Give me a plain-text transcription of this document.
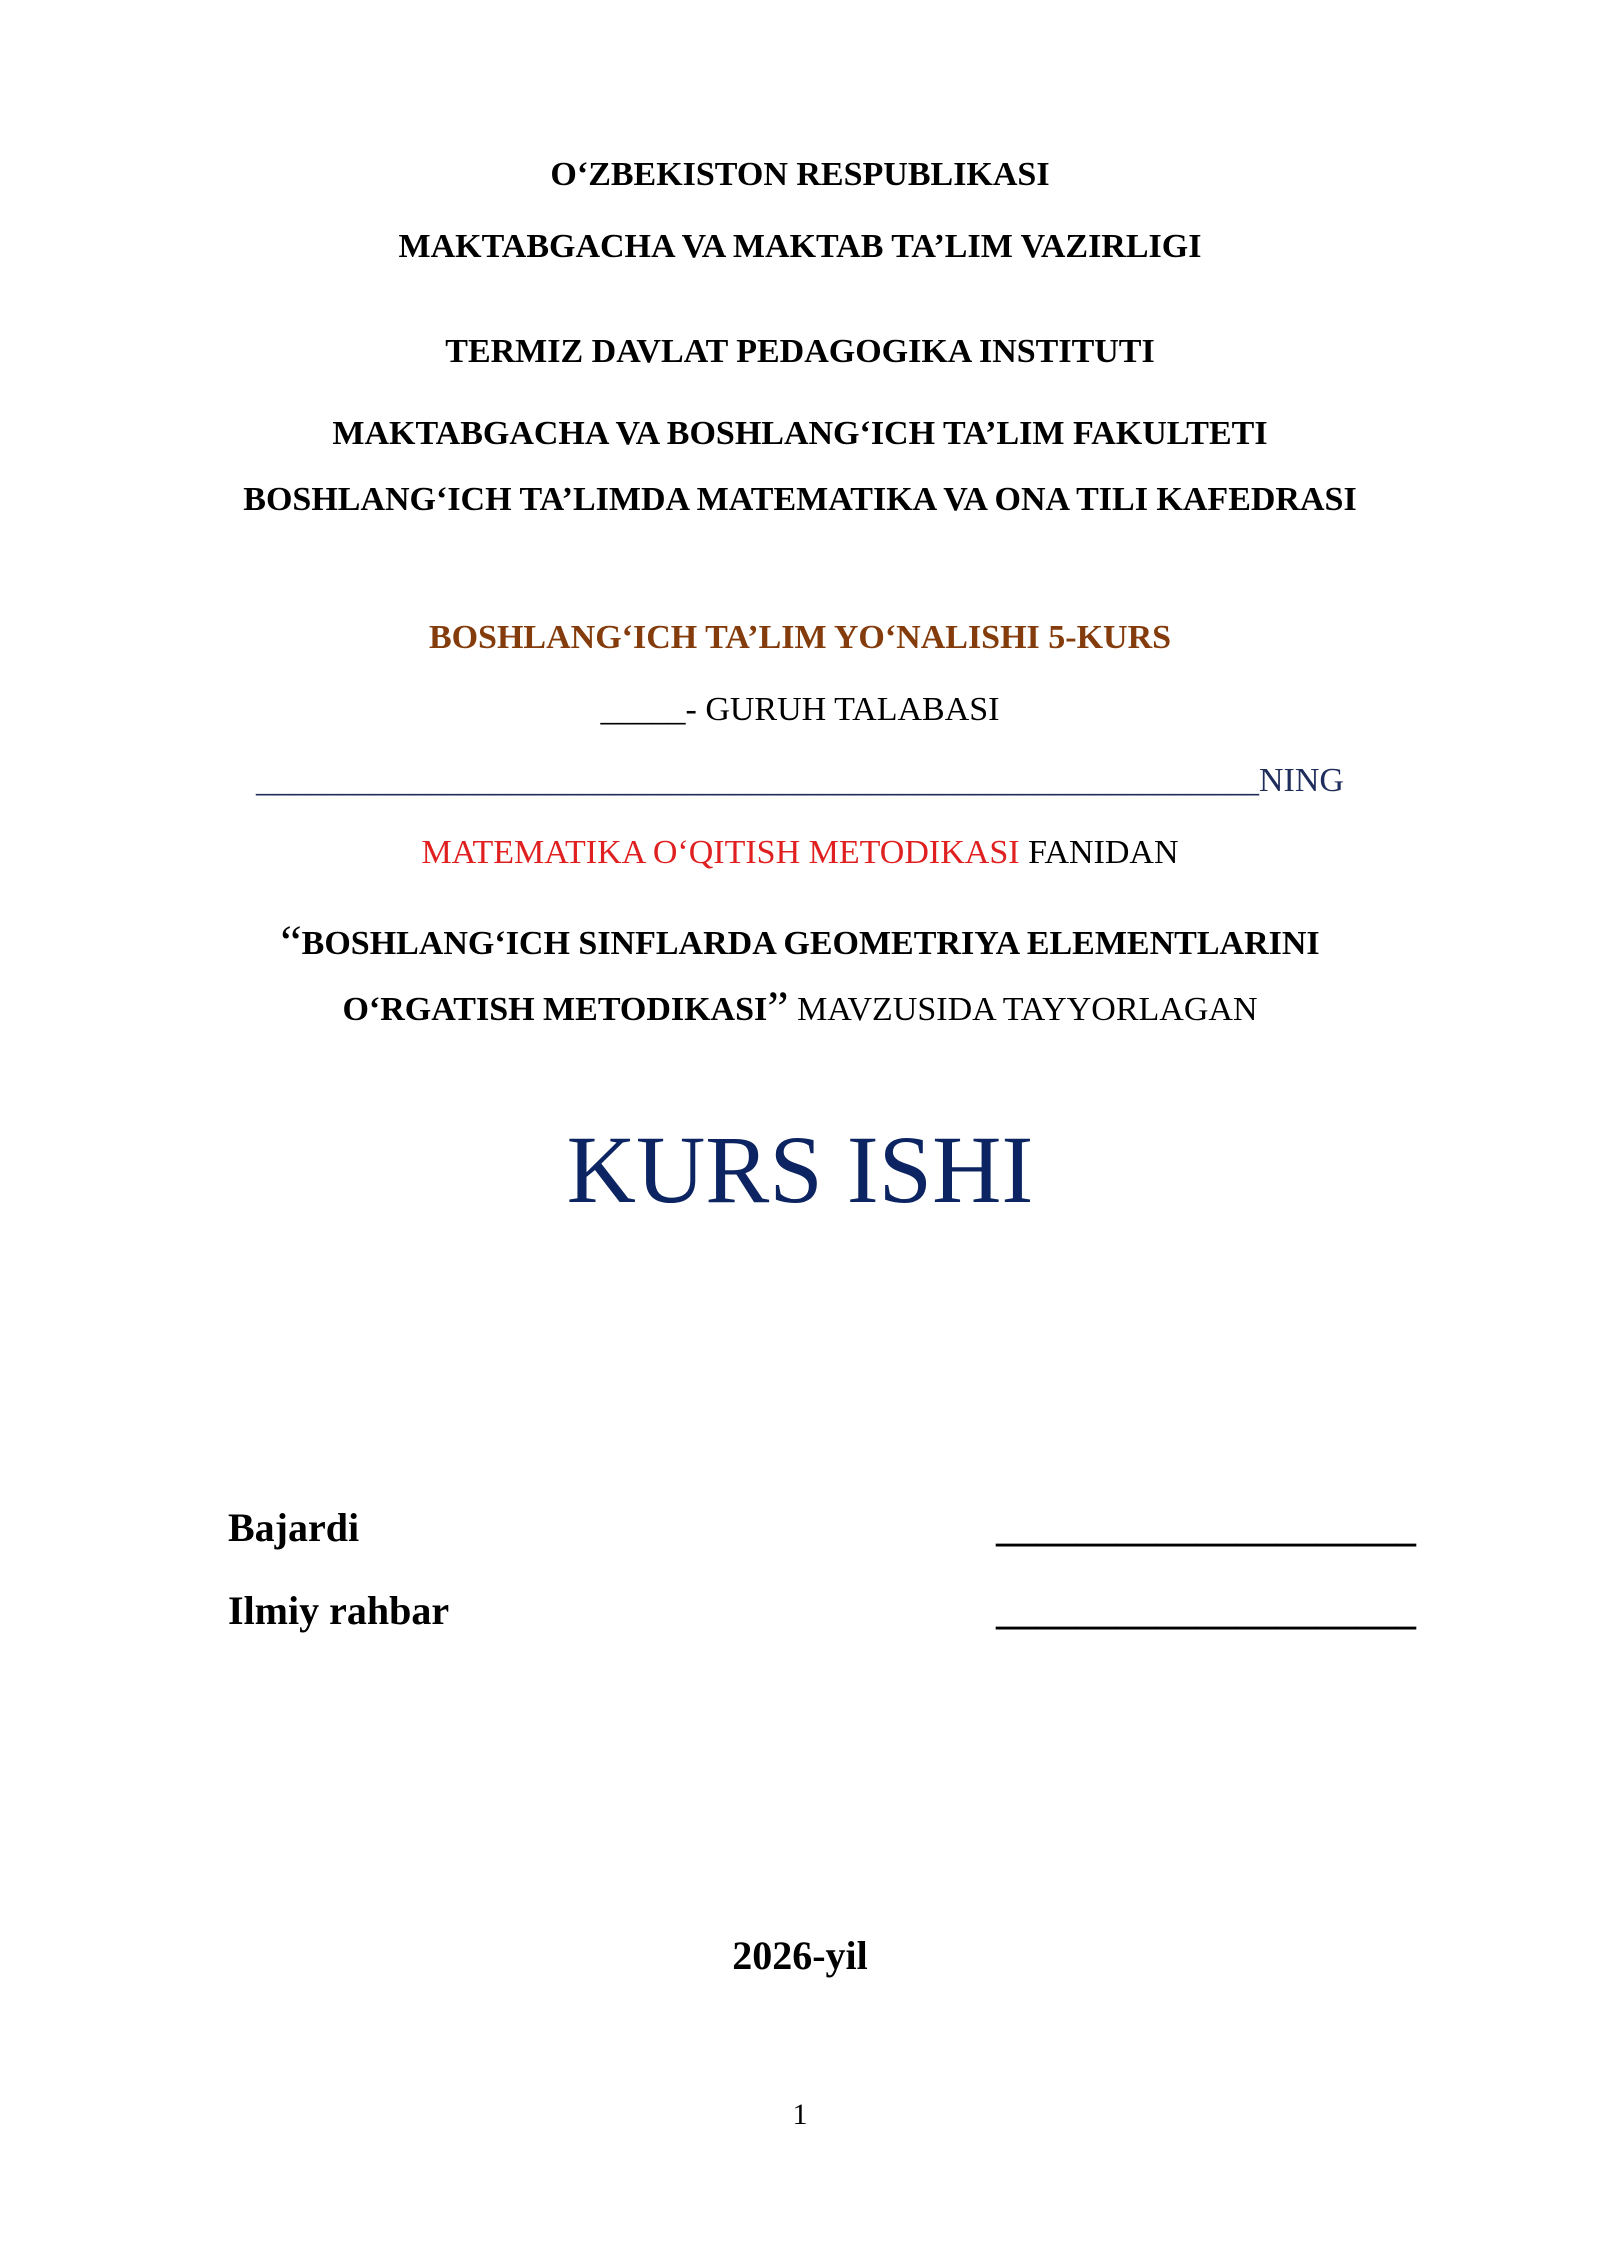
O‘ZBEKISTON RESPUBLIKASI
MAKTABGACHA VA MAKTAB TA’LIM VAZIRLIGI
TERMIZ DAVLAT PEDAGOGIKA INSTITUTI
MAKTABGACHA VA BOSHLANG‘ICH TA’LIM FAKULTETI
BOSHLANG‘ICH TA’LIMDA MATEMATIKA VA ONA TILI KAFEDRASI
BOSHLANG‘ICH TA’LIM YO‘NALISHI 5-KURS
_____- GURUH TALABASI
___________________________________________________________NING
MATEMATIKA O‘QITISH METODIKASI FANIDAN
“BOSHLANG‘ICH SINFLARDA GEOMETRIYA ELEMENTLARINI
O‘RGATISH METODIKASI” MAVZUSIDA TAYYORLAGAN
KURS ISHI
Bajardi	_____________________
Ilmiy rahbar	_____________________
2026-yil
1
